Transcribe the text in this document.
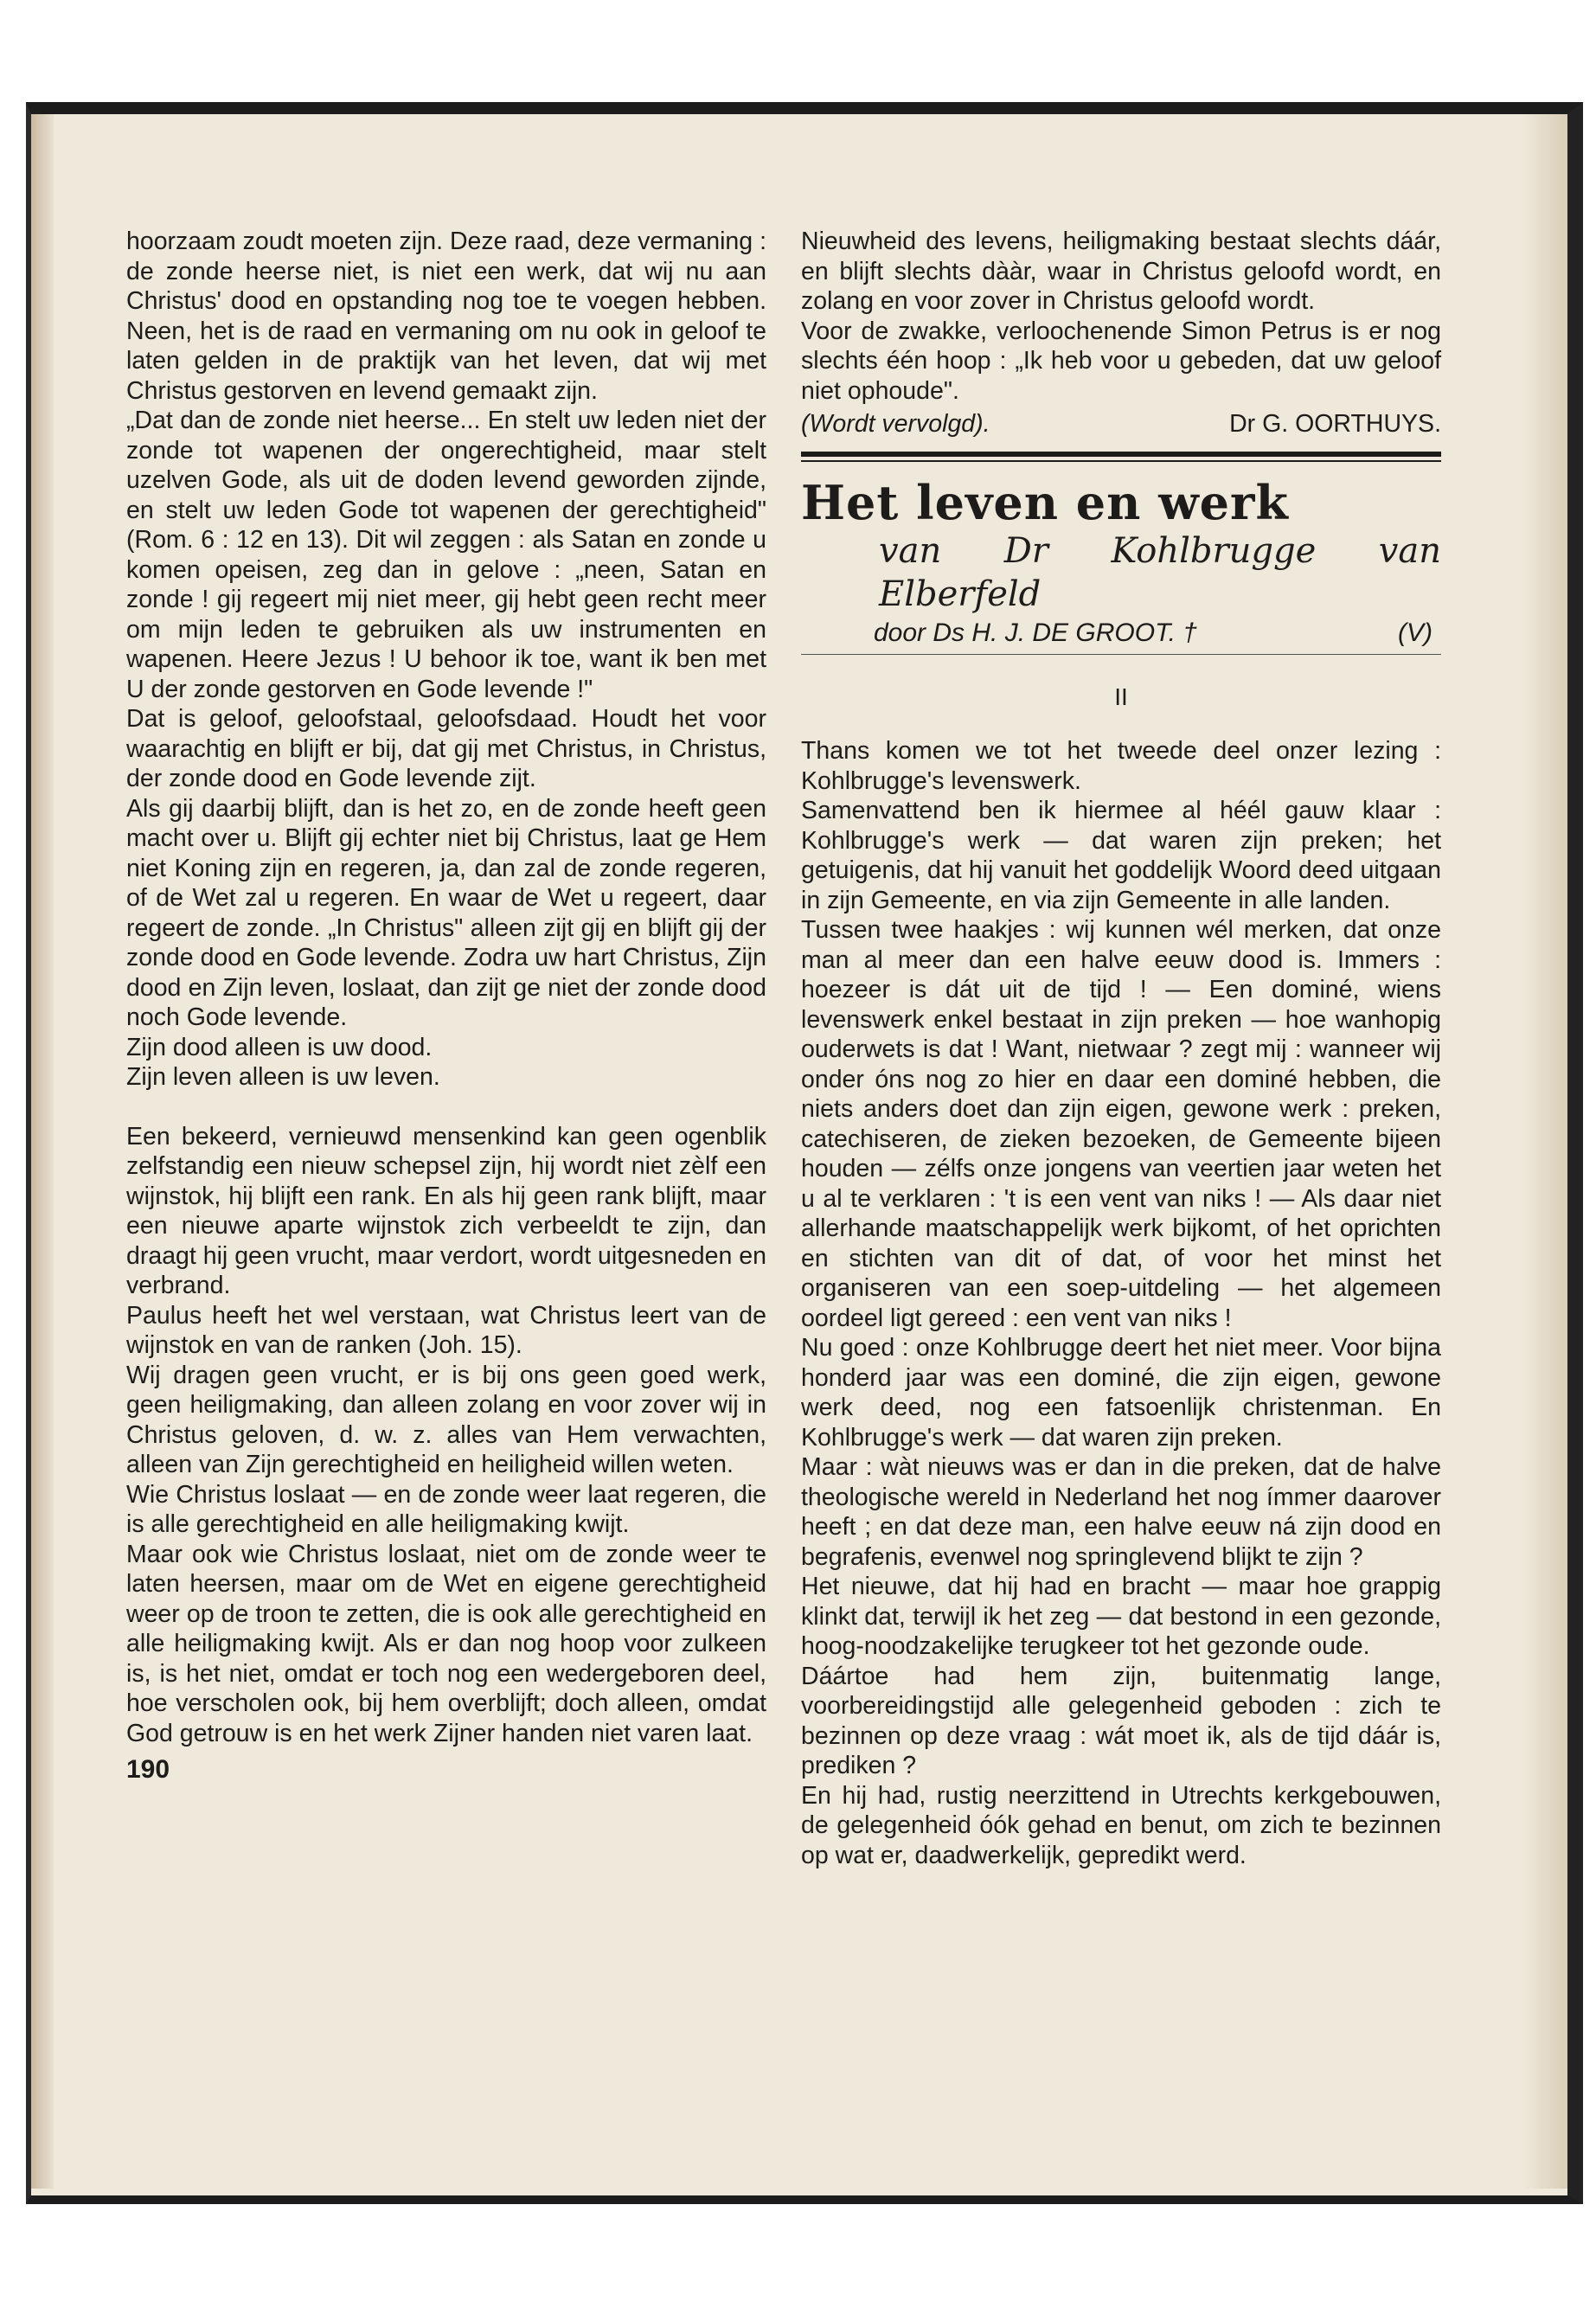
hoorzaam zoudt moeten zijn. Deze raad, deze vermaning : de zonde heerse niet, is niet een werk, dat wij nu aan Christus' dood en opstanding nog toe te voegen hebben. Neen, het is de raad en vermaning om nu ook in geloof te laten gelden in de praktijk van het leven, dat wij met Christus gestorven en levend gemaakt zijn.

„Dat dan de zonde niet heerse... En stelt uw leden niet der zonde tot wapenen der ongerechtigheid, maar stelt uzelven Gode, als uit de doden levend geworden zijnde, en stelt uw leden Gode tot wapenen der gerechtigheid" (Rom. 6 : 12 en 13). Dit wil zeggen : als Satan en zonde u komen opeisen, zeg dan in gelove : „neen, Satan en zonde ! gij regeert mij niet meer, gij hebt geen recht meer om mijn leden te gebruiken als uw instrumenten en wapenen. Heere Jezus ! U behoor ik toe, want ik ben met U der zonde gestorven en Gode levende !"

Dat is geloof, geloofstaal, geloofsdaad. Houdt het voor waarachtig en blijft er bij, dat gij met Christus, in Christus, der zonde dood en Gode levende zijt.

Als gij daarbij blijft, dan is het zo, en de zonde heeft geen macht over u. Blijft gij echter niet bij Christus, laat ge Hem niet Koning zijn en regeren, ja, dan zal de zonde regeren, of de Wet zal u regeren. En waar de Wet u regeert, daar regeert de zonde. „In Christus" alleen zijt gij en blijft gij der zonde dood en Gode levende. Zodra uw hart Christus, Zijn dood en Zijn leven, loslaat, dan zijt ge niet der zonde dood noch Gode levende.

Zijn dood alleen is uw dood.

Zijn leven alleen is uw leven.

Een bekeerd, vernieuwd mensenkind kan geen ogenblik zelfstandig een nieuw schepsel zijn, hij wordt niet zèlf een wijnstok, hij blijft een rank. En als hij geen rank blijft, maar een nieuwe aparte wijnstok zich verbeeldt te zijn, dan draagt hij geen vrucht, maar verdort, wordt uitgesneden en verbrand.

Paulus heeft het wel verstaan, wat Christus leert van de wijnstok en van de ranken (Joh. 15).

Wij dragen geen vrucht, er is bij ons geen goed werk, geen heiligmaking, dan alleen zolang en voor zover wij in Christus geloven, d. w. z. alles van Hem verwachten, alleen van Zijn gerechtigheid en heiligheid willen weten.

Wie Christus loslaat — en de zonde weer laat regeren, die is alle gerechtigheid en alle heiligmaking kwijt.

Maar ook wie Christus loslaat, niet om de zonde weer te laten heersen, maar om de Wet en eigene gerechtigheid weer op de troon te zetten, die is ook alle gerechtigheid en alle heiligmaking kwijt. Als er dan nog hoop voor zulkeen is, is het niet, omdat er toch nog een wedergeboren deel, hoe verscholen ook, bij hem overblijft; doch alleen, omdat God getrouw is en het werk Zijner handen niet varen laat.

190

Nieuwheid des levens, heiligmaking bestaat slechts dáár, en blijft slechts dààr, waar in Christus geloofd wordt, en zolang en voor zover in Christus geloofd wordt.

Voor de zwakke, verloochenende Simon Petrus is er nog slechts één hoop : „Ik heb voor u gebeden, dat uw geloof niet ophoude".

(Wordt vervolgd).	Dr G. OORTHUYS.
Het leven en werk
van Dr Kohlbrugge van Elberfeld
door Ds H. J. DE GROOT. †	(V)
II

Thans komen we tot het tweede deel onzer lezing : Kohlbrugge's levenswerk.

Samenvattend ben ik hiermee al héél gauw klaar : Kohlbrugge's werk — dat waren zijn preken; het getuigenis, dat hij vanuit het goddelijk Woord deed uitgaan in zijn Gemeente, en via zijn Gemeente in alle landen.

Tussen twee haakjes : wij kunnen wél merken, dat onze man al meer dan een halve eeuw dood is. Immers : hoezeer is dát uit de tijd ! — Een dominé, wiens levenswerk enkel bestaat in zijn preken — hoe wanhopig ouderwets is dat ! Want, nietwaar ? zegt mij : wanneer wij onder óns nog zo hier en daar een dominé hebben, die niets anders doet dan zijn eigen, gewone werk : preken, catechiseren, de zieken bezoeken, de Gemeente bijeen houden — zélfs onze jongens van veertien jaar weten het u al te verklaren : 't is een vent van niks ! — Als daar niet allerhande maatschappelijk werk bijkomt, of het oprichten en stichten van dit of dat, of voor het minst het organiseren van een soep-uitdeling — het algemeen oordeel ligt gereed : een vent van niks !

Nu goed : onze Kohlbrugge deert het niet meer. Voor bijna honderd jaar was een dominé, die zijn eigen, gewone werk deed, nog een fatsoenlijk christenman. En Kohlbrugge's werk — dat waren zijn preken.

Maar : wàt nieuws was er dan in die preken, dat de halve theologische wereld in Nederland het nog ímmer daarover heeft ; en dat deze man, een halve eeuw ná zijn dood en begrafenis, evenwel nog springlevend blijkt te zijn ?

Het nieuwe, dat hij had en bracht — maar hoe grappig klinkt dat, terwijl ik het zeg — dat bestond in een gezonde, hoog-noodzakelijke terugkeer tot het gezonde oude.

Dáártoe had hem zijn, buitenmatig lange, voorbereidingstijd alle gelegenheid geboden : zich te bezinnen op deze vraag : wát moet ik, als de tijd dáár is, prediken ?

En hij had, rustig neerzittend in Utrechts kerkgebouwen, de gelegenheid óók gehad en benut, om zich te bezinnen op wat er, daadwerkelijk, gepredikt werd.
